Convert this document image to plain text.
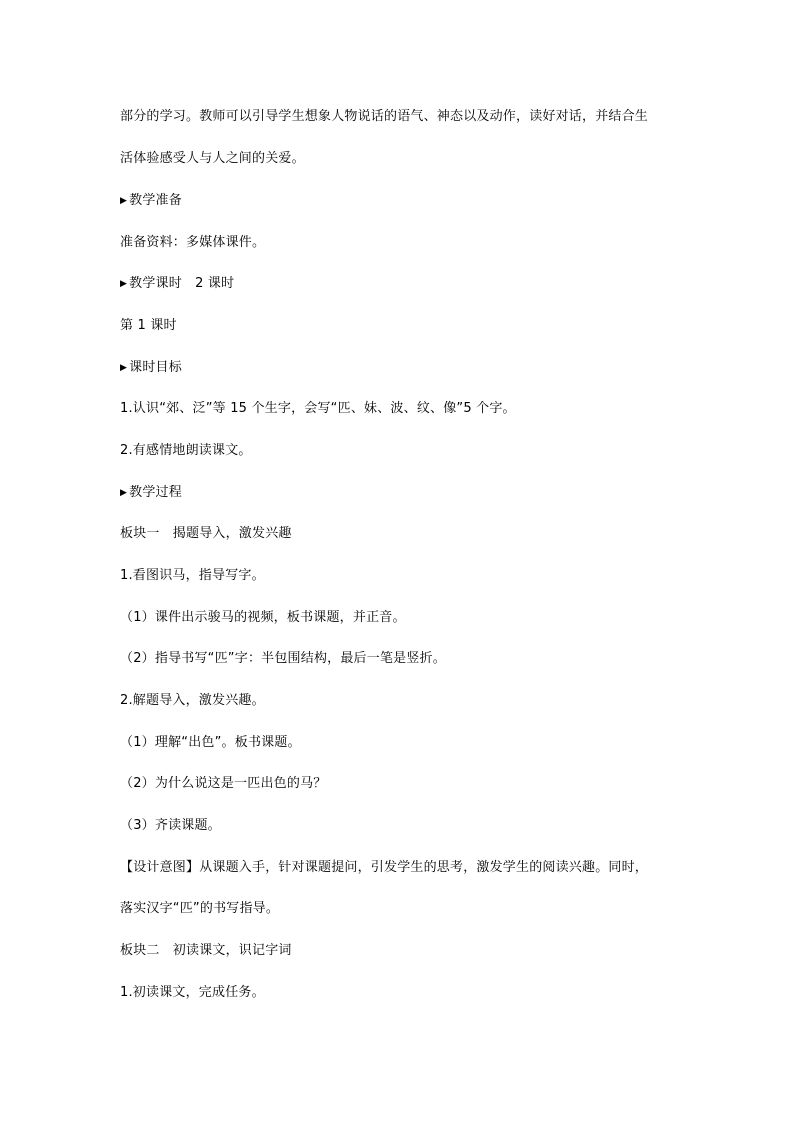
部分的学习。教师可以引导学生想象人物说话的语气、神态以及动作，读好对话，并结合生
活体验感受人与人之间的关爱。
▶ 教学准备
准备资料：多媒体课件。
▶ 教学课时　2 课时
第 1 课时
▶ 课时目标
1.认识“郊、泛”等 15 个生字，会写“匹、妹、波、纹、像”5 个字。
2.有感情地朗读课文。
▶ 教学过程
板块一　揭题导入，激发兴趣
1.看图识马，指导写字。
（1）课件出示骏马的视频，板书课题，并正音。
（2）指导书写“匹”字：半包围结构，最后一笔是竖折。
2.解题导入，激发兴趣。
（1）理解“出色”。板书课题。
（2）为什么说这是一匹出色的马？
（3）齐读课题。
【设计意图】从课题入手，针对课题提问，引发学生的思考，激发学生的阅读兴趣。同时，
落实汉字“匹”的书写指导。
板块二　初读课文，识记字词
1.初读课文，完成任务。
